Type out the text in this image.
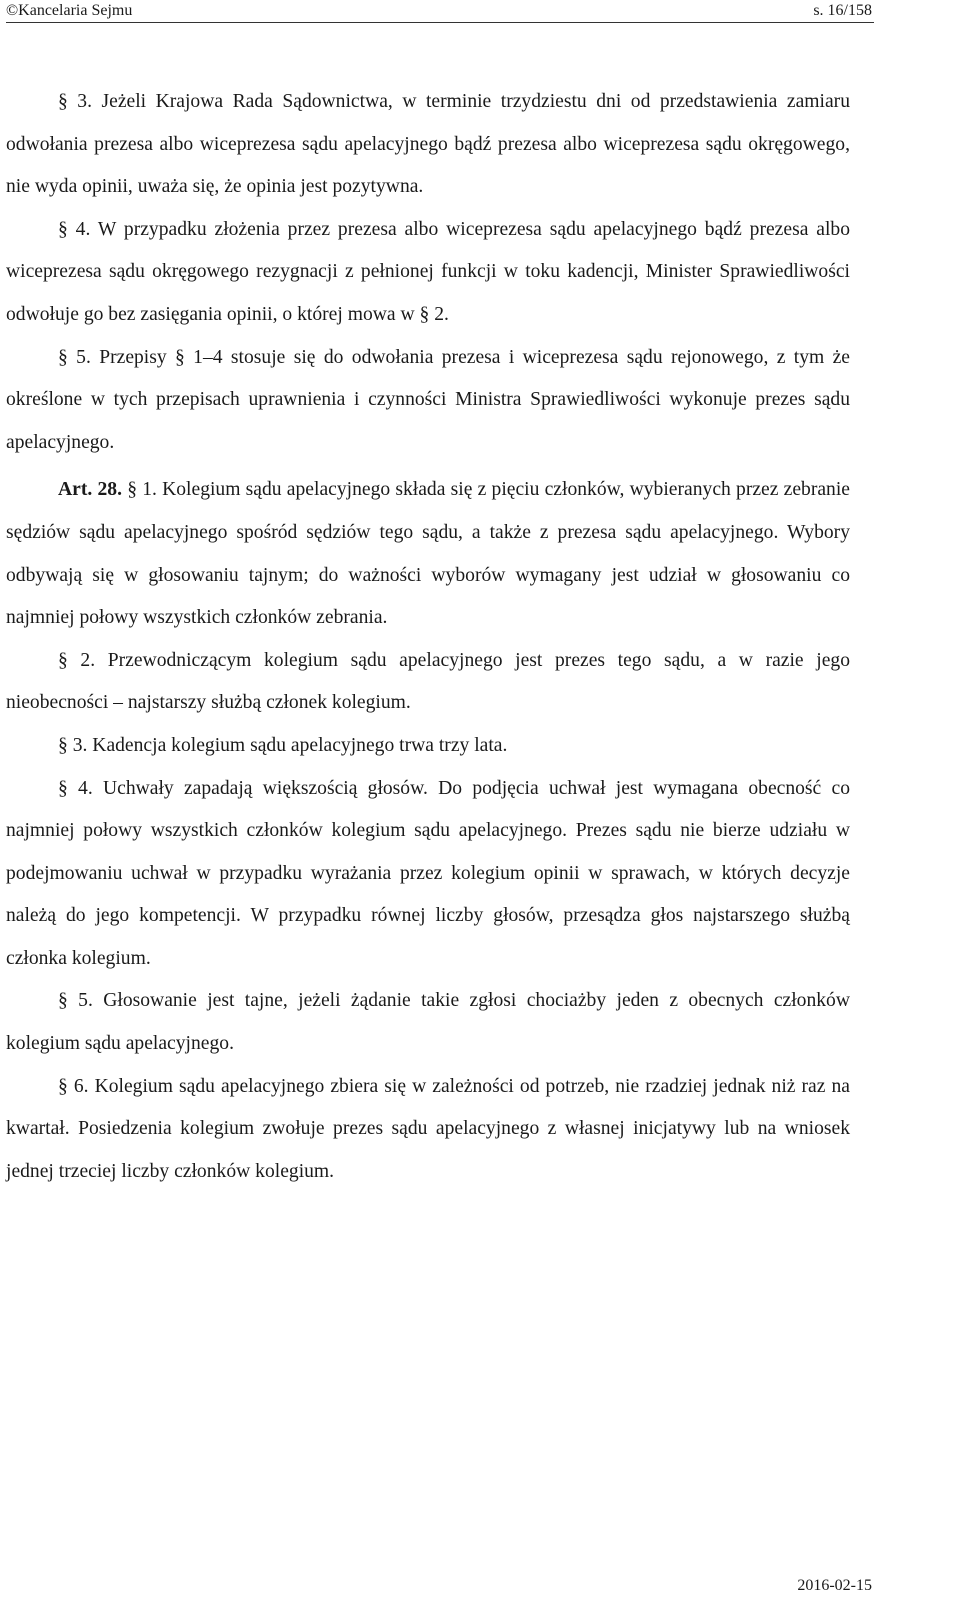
©Kancelaria Sejmu	s. 16/158

§ 3. Jeżeli Krajowa Rada Sądownictwa, w terminie trzydziestu dni od przedstawienia zamiaru odwołania prezesa albo wiceprezesa sądu apelacyjnego bądź prezesa albo wiceprezesa sądu okręgowego, nie wyda opinii, uważa się, że opinia jest pozytywna.

§ 4. W przypadku złożenia przez prezesa albo wiceprezesa sądu apelacyjnego bądź prezesa albo wiceprezesa sądu okręgowego rezygnacji z pełnionej funkcji w toku kadencji, Minister Sprawiedliwości odwołuje go bez zasięgania opinii, o której mowa w § 2.

§ 5. Przepisy § 1–4 stosuje się do odwołania prezesa i wiceprezesa sądu rejonowego, z tym że określone w tych przepisach uprawnienia i czynności Ministra Sprawiedliwości wykonuje prezes sądu apelacyjnego.

Art. 28. § 1. Kolegium sądu apelacyjnego składa się z pięciu członków, wybieranych przez zebranie sędziów sądu apelacyjnego spośród sędziów tego sądu, a także z prezesa sądu apelacyjnego. Wybory odbywają się w głosowaniu tajnym; do ważności wyborów wymagany jest udział w głosowaniu co najmniej połowy wszystkich członków zebrania.

§ 2. Przewodniczącym kolegium sądu apelacyjnego jest prezes tego sądu, a w razie jego nieobecności – najstarszy służbą członek kolegium.

§ 3. Kadencja kolegium sądu apelacyjnego trwa trzy lata.

§ 4. Uchwały zapadają większością głosów. Do podjęcia uchwał jest wymagana obecność co najmniej połowy wszystkich członków kolegium sądu apelacyjnego. Prezes sądu nie bierze udziału w podejmowaniu uchwał w przypadku wyrażania przez kolegium opinii w sprawach, w których decyzje należą do jego kompetencji. W przypadku równej liczby głosów, przesądza głos najstarszego służbą członka kolegium.

§ 5. Głosowanie jest tajne, jeżeli żądanie takie zgłosi chociażby jeden z obecnych członków kolegium sądu apelacyjnego.

§ 6. Kolegium sądu apelacyjnego zbiera się w zależności od potrzeb, nie rzadziej jednak niż raz na kwartał. Posiedzenia kolegium zwołuje prezes sądu apelacyjnego z własnej inicjatywy lub na wniosek jednej trzeciej liczby członków kolegium.

2016-02-15
